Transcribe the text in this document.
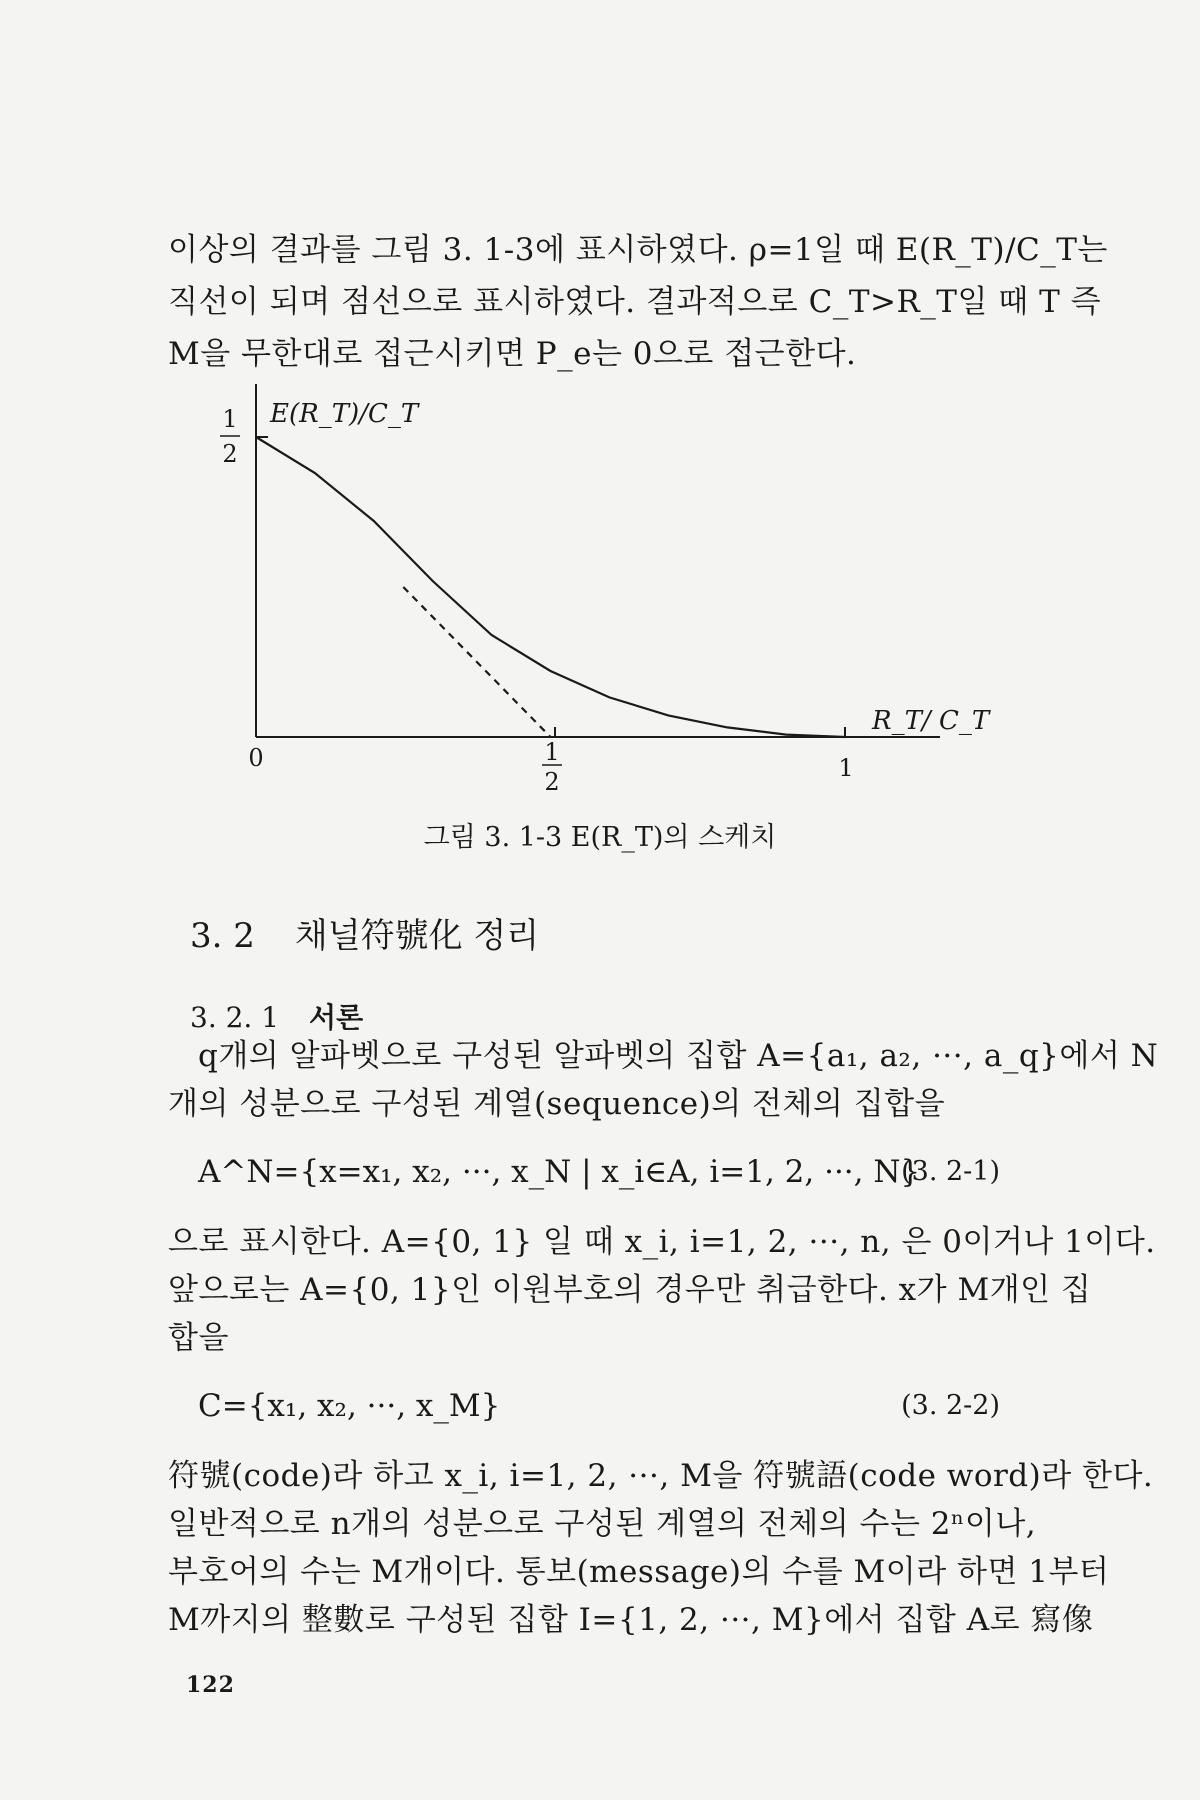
이상의 결과를 그림 3. 1-3에 표시하였다. ρ=1일 때 E(R_T)/C_T는
직선이 되며 점선으로 표시하였다. 결과적으로 C_T>R_T일 때 T 즉
M을 무한대로 접근시키면 P_e는 0으로 접근한다.
1
2
E(R_T)/C_T
0	1
2	1
R_T/ C_T
그림 3. 1-3 E(R_T)의 스케치
3. 2 채널符號化 정리
3. 2. 1 서론
q개의 알파벳으로 구성된 알파벳의 집합 A={a₁, a₂, ···, a_q}에서 N
개의 성분으로 구성된 계열(sequence)의 전체의 집합을
A^N={x=x₁, x₂, ···, x_N | x_i∈A, i=1, 2, ···, N}
(3. 2-1)
으로 표시한다. A={0, 1} 일 때 x_i, i=1, 2, ···, n, 은 0이거나 1이다.
앞으로는 A={0, 1}인 이원부호의 경우만 취급한다. x가 M개인 집
합을
C={x₁, x₂, ···, x_M}	(3. 2-2)
符號(code)라 하고 x_i, i=1, 2, ···, M을 符號語(code word)라 한다.
일반적으로 n개의 성분으로 구성된 계열의 전체의 수는 2ⁿ이나,
부호어의 수는 M개이다. 통보(message)의 수를 M이라 하면 1부터
M까지의 整數로 구성된 집합 I={1, 2, ···, M}에서 집합 A로 寫像
122
